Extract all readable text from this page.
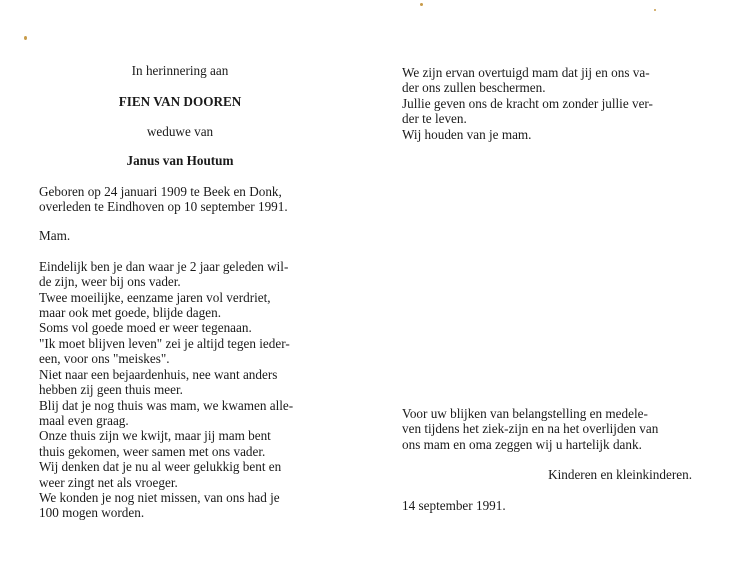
In herinnering aan
FIEN VAN DOOREN
weduwe van
Janus van Houtum
Geboren op 24 januari 1909 te Beek en Donk,
overleden te Eindhoven op 10 september 1991.
Mam.
Eindelijk ben je dan waar je 2 jaar geleden wil-
de zijn, weer bij ons vader.
Twee moeilijke, eenzame jaren vol verdriet,
maar ook met goede, blijde dagen.
Soms vol goede moed er weer tegenaan.
"Ik moet blijven leven" zei je altijd tegen ieder-
een, voor ons "meiskes".
Niet naar een bejaardenhuis, nee want anders
hebben zij geen thuis meer.
Blij dat je nog thuis was mam, we kwamen alle-
maal even graag.
Onze thuis zijn we kwijt, maar jij mam bent
thuis gekomen, weer samen met ons vader.
Wij denken dat je nu al weer gelukkig bent en
weer zingt net als vroeger.
We konden je nog niet missen, van ons had je
100 mogen worden.
We zijn ervan overtuigd mam dat jij en ons va-
der ons zullen beschermen.
Jullie geven ons de kracht om zonder jullie ver-
der te leven.
Wij houden van je mam.
Voor uw blijken van belangstelling en medele-
ven tijdens het ziek-zijn en na het overlijden van
ons mam en oma zeggen wij u hartelijk dank.
Kinderen en kleinkinderen.
14 september 1991.
